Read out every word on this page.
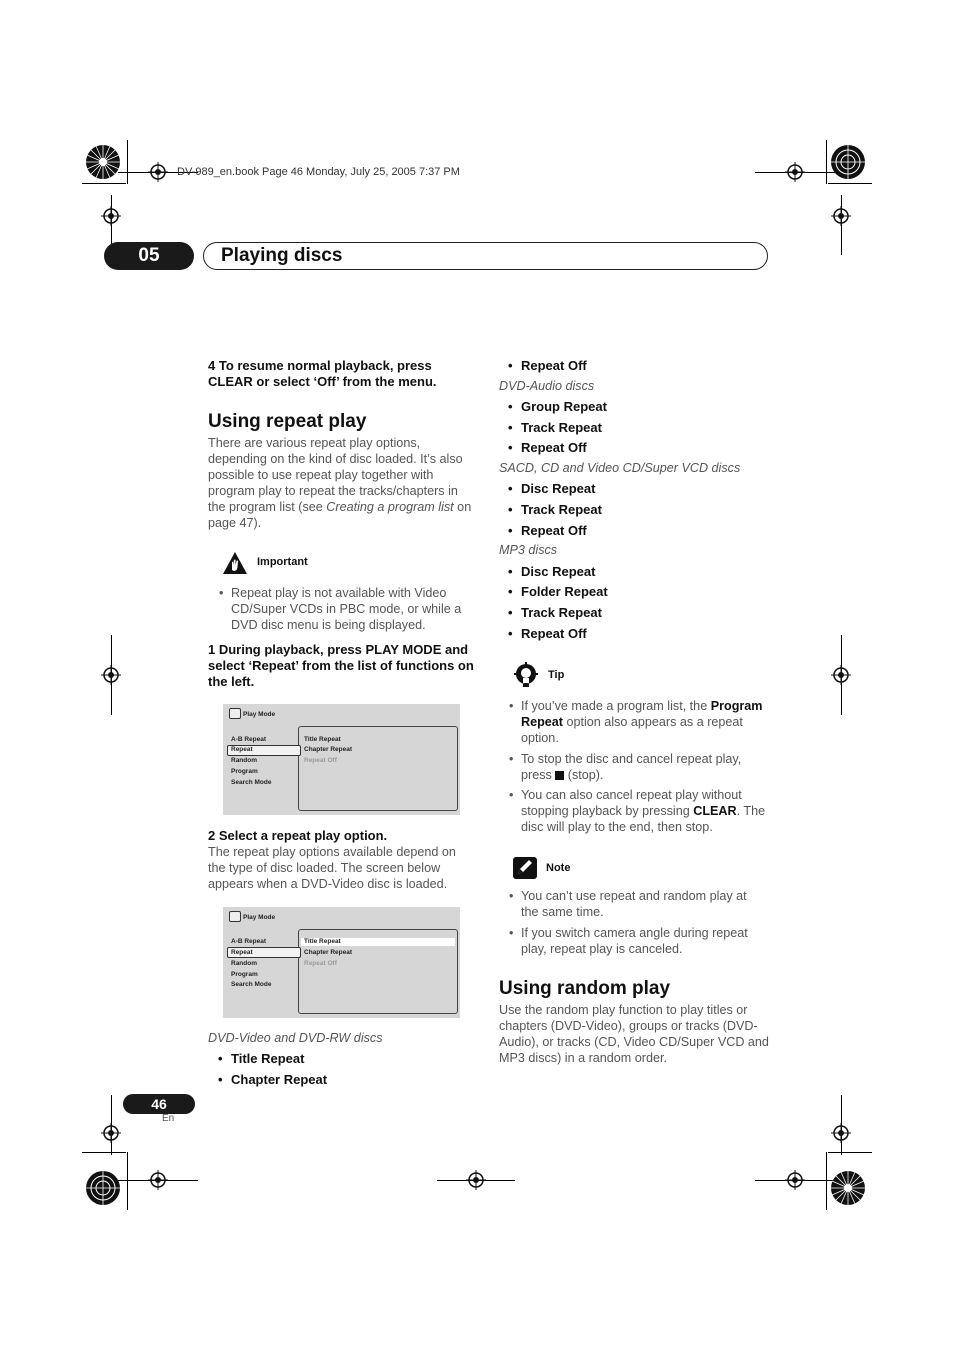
DV-989_en.book Page 46 Monday, July 25, 2005 7:37 PM
05	Playing discs
4 To resume normal playback, press CLEAR or select ‘Off’ from the menu.
Using repeat play
There are various repeat play options, depending on the kind of disc loaded. It’s also possible to use repeat play together with program play to repeat the tracks/chapters in the program list (see Creating a program list on page 47).
Important
• Repeat play is not available with Video CD/Super VCDs in PBC mode, or while a DVD disc menu is being displayed.
1 During playback, press PLAY MODE and select ‘Repeat’ from the list of functions on the left.
Play Mode
A-B Repeat
Repeat
Random
Program
Search Mode
Title Repeat
Chapter Repeat
Repeat Off
2 Select a repeat play option.
The repeat play options available depend on the type of disc loaded. The screen below appears when a DVD-Video disc is loaded.
Play Mode
A-B Repeat
Repeat
Random
Program
Search Mode
Title Repeat
Chapter Repeat
Repeat Off
DVD-Video and DVD-RW discs
• Title Repeat
• Chapter Repeat
• Repeat Off
DVD-Audio discs
• Group Repeat
• Track Repeat
• Repeat Off
SACD, CD and Video CD/Super VCD discs
• Disc Repeat
• Track Repeat
• Repeat Off
MP3 discs
• Disc Repeat
• Folder Repeat
• Track Repeat
• Repeat Off
Tip
• If you’ve made a program list, the Program Repeat option also appears as a repeat option.
• To stop the disc and cancel repeat play, press  (stop).
• You can also cancel repeat play without stopping playback by pressing CLEAR. The disc will play to the end, then stop.
Note
• You can’t use repeat and random play at the same time.
• If you switch camera angle during repeat play, repeat play is canceled.
Using random play
Use the random play function to play titles or chapters (DVD-Video), groups or tracks (DVD-Audio), or tracks (CD, Video CD/Super VCD and MP3 discs) in a random order.
46
En
